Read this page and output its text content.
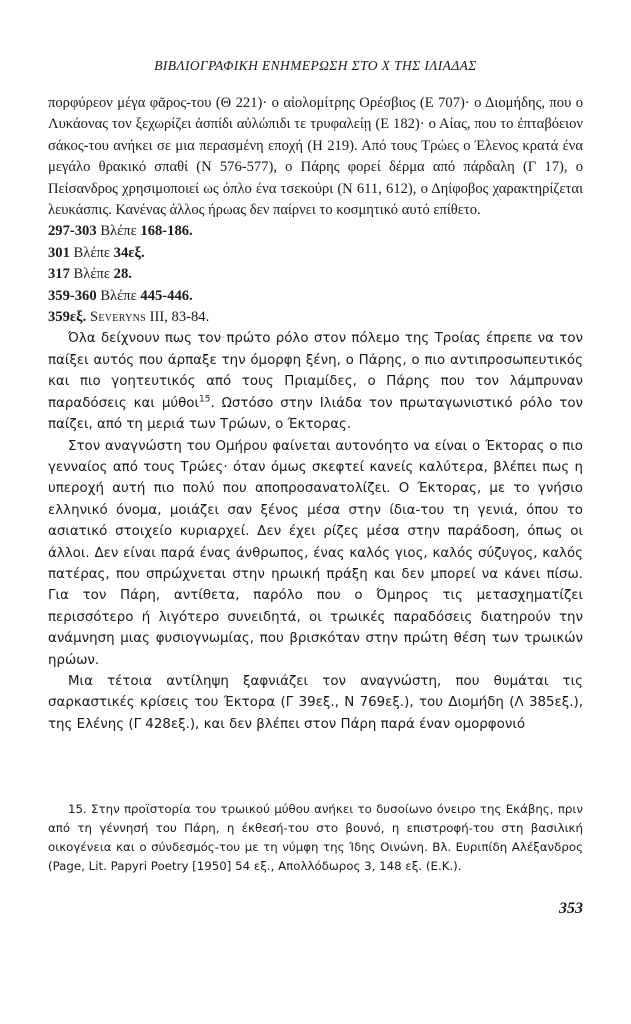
ΒΙΒΛΙΟΓΡΑΦΙΚΗ ΕΝΗΜΕΡΩΣΗ ΣΤΟ Χ ΤΗΣ ΙΛΙΑΔΑΣ

πορφύρεον μέγα φᾶρος-του (Θ 221)· ο αἰολομίτρης Ορέσβιος (Ε 707)· ο Διομήδης, που ο Λυκάονας τον ξεχωρίζει ἀσπίδι αὐλώπιδι τε τρυφαλείῃ (Ε 182)· ο Αίας, που το ἐπταβόειον σάκος-του ανήκει σε μια περασμένη εποχή (Η 219). Από τους Τρώες ο Έλενος κρατά ένα μεγάλο θρακικό σπαθί (Ν 576-577), ο Πάρης φορεί δέρμα από πάρδαλη (Γ 17), ο Πείσανδρος χρησιμοποιεί ως όπλο ένα τσεκούρι (Ν 611, 612), ο Δηίφοβος χαρακτηρίζεται λευκάσπις. Κανένας άλλος ήρωας δεν παίρνει το κοσμητικό αυτό επίθετο.

297-303 Βλέπε 168-186.

301 Βλέπε 34εξ.

317 Βλέπε 28.

359-360 Βλέπε 445-446.

359εξ. Severyns III, 83-84.

Όλα δείχνουν πως τον πρώτο ρόλο στον πόλεμο της Τροίας έπρεπε να τον παίξει αυτός που άρπαξε την όμορφη ξένη, ο Πάρης, ο πιο αντιπροσωπευτικός και πιο γοητευτικός από τους Πριαμίδες, ο Πάρης που τον λάμπρυναν παραδόσεις και μύθοι$^{15}$. Ωστόσο στην Ιλιάδα τον πρωταγωνιστικό ρόλο τον παίζει, από τη μεριά των Τρώων, ο Έκτορας.

Στον αναγνώστη του Ομήρου φαίνεται αυτονόητο να είναι ο Έκτορας ο πιο γενναίος από τους Τρώες· όταν όμως σκεφτεί κανείς καλύτερα, βλέπει πως η υπεροχή αυτή πιο πολύ που αποπροσανατολίζει. Ο Έκτορας, με το γνήσιο ελληνικό όνομα, μοιάζει σαν ξένος μέσα στην ίδια-του τη γενιά, όπου το ασιατικό στοιχείο κυριαρχεί. Δεν έχει ρίζες μέσα στην παράδοση, όπως οι άλλοι. Δεν είναι παρά ένας άνθρωπος, ένας καλός γιος, καλός σύζυγος, καλός πατέρας, που σπρώχνεται στην ηρωική πράξη και δεν μπορεί να κάνει πίσω. Για τον Πάρη, αντίθετα, παρόλο που ο Όμηρος τις μετασχηματίζει περισσότερο ή λιγότερο συνειδητά, οι τρωικές παραδόσεις διατηρούν την ανάμνηση μιας φυσιογνωμίας, που βρισκόταν στην πρώτη θέση των τρωικών ηρώων.

Μια τέτοια αντίληψη ξαφνιάζει τον αναγνώστη, που θυμάται τις σαρκαστικές κρίσεις του Έκτορα (Γ 39εξ., Ν 769εξ.), του Διομήδη (Λ 385εξ.), της Ελένης (Γ 428εξ.), και δεν βλέπει στον Πάρη παρά έναν ομορφονιό

15. Στην προϊστορία του τρωικού μύθου ανήκει το δυσοίωνο όνειρο της Εκάβης, πριν από τη γέννησή του Πάρη, η έκθεσή-του στο βουνό, η επιστροφή-του στη βασιλική οικογένεια και ο σύνδεσμός-του με τη νύμφη της Ίδης Οινώνη. Βλ. Ευριπίδη Αλέξανδρος (Page, Lit. Papyri Poetry [1950] 54 εξ., Απολλόδωρος 3, 148 εξ. (Ε.Κ.).

353
